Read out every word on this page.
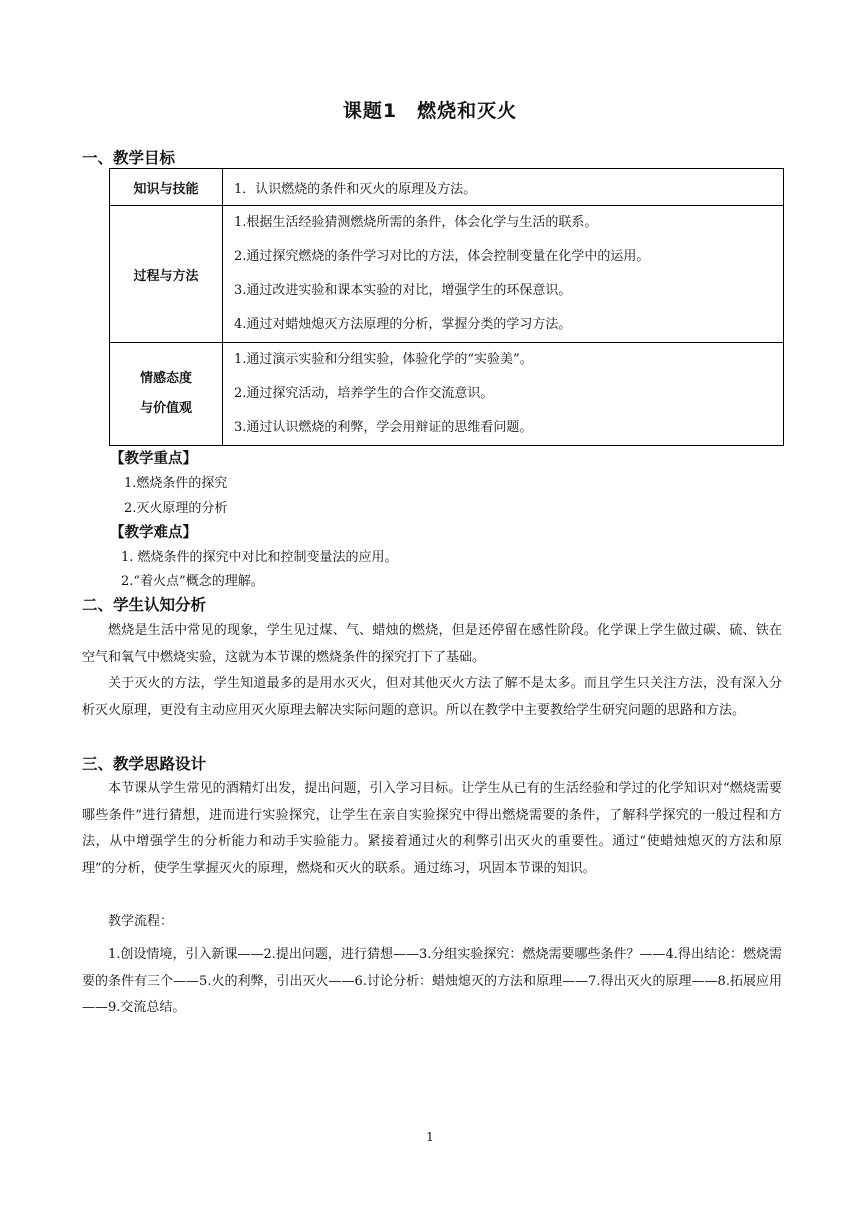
课题1　燃烧和灭火
一、教学目标
知识与技能	1．认识燃烧的条件和灭火的原理及方法。

过程与方法	1.根据生活经验猜测燃烧所需的条件，体会化学与生活的联系。
2.通过探究燃烧的条件学习对比的方法，体会控制变量在化学中的运用。
3.通过改进实验和课本实验的对比，增强学生的环保意识。
4.通过对蜡烛熄灭方法原理的分析，掌握分类的学习方法。

情感态度
与价值观	1.通过演示实验和分组实验，体验化学的“实验美”。
2.通过探究活动，培养学生的合作交流意识。
3.通过认识燃烧的利弊，学会用辩证的思维看问题。
【教学重点】
1.燃烧条件的探究
2.灭火原理的分析
【教学难点】
1. 燃烧条件的探究中对比和控制变量法的应用。
2.“着火点”概念的理解。
二、学生认知分析
燃烧是生活中常见的现象，学生见过煤、气、蜡烛的燃烧，但是还停留在感性阶段。化学课上学生做过碳、硫、铁在空气和氧气中燃烧实验，这就为本节课的燃烧条件的探究打下了基础。
关于灭火的方法，学生知道最多的是用水灭火，但对其他灭火方法了解不是太多。而且学生只关注方法，没有深入分析灭火原理，更没有主动应用灭火原理去解决实际问题的意识。所以在教学中主要教给学生研究问题的思路和方法。
三、教学思路设计
本节课从学生常见的酒精灯出发，提出问题，引入学习目标。让学生从已有的生活经验和学过的化学知识对“燃烧需要哪些条件”进行猜想，进而进行实验探究，让学生在亲自实验探究中得出燃烧需要的条件，了解科学探究的一般过程和方法，从中增强学生的分析能力和动手实验能力。紧接着通过火的利弊引出灭火的重要性。通过“使蜡烛熄灭的方法和原理”的分析，使学生掌握灭火的原理，燃烧和灭火的联系。通过练习，巩固本节课的知识。
教学流程：
1.创设情境，引入新课——2.提出问题，进行猜想——3.分组实验探究：燃烧需要哪些条件？——4.得出结论：燃烧需要的条件有三个——5.火的利弊，引出灭火——6.讨论分析：蜡烛熄灭的方法和原理——7.得出灭火的原理——8.拓展应用——9.交流总结。
1
